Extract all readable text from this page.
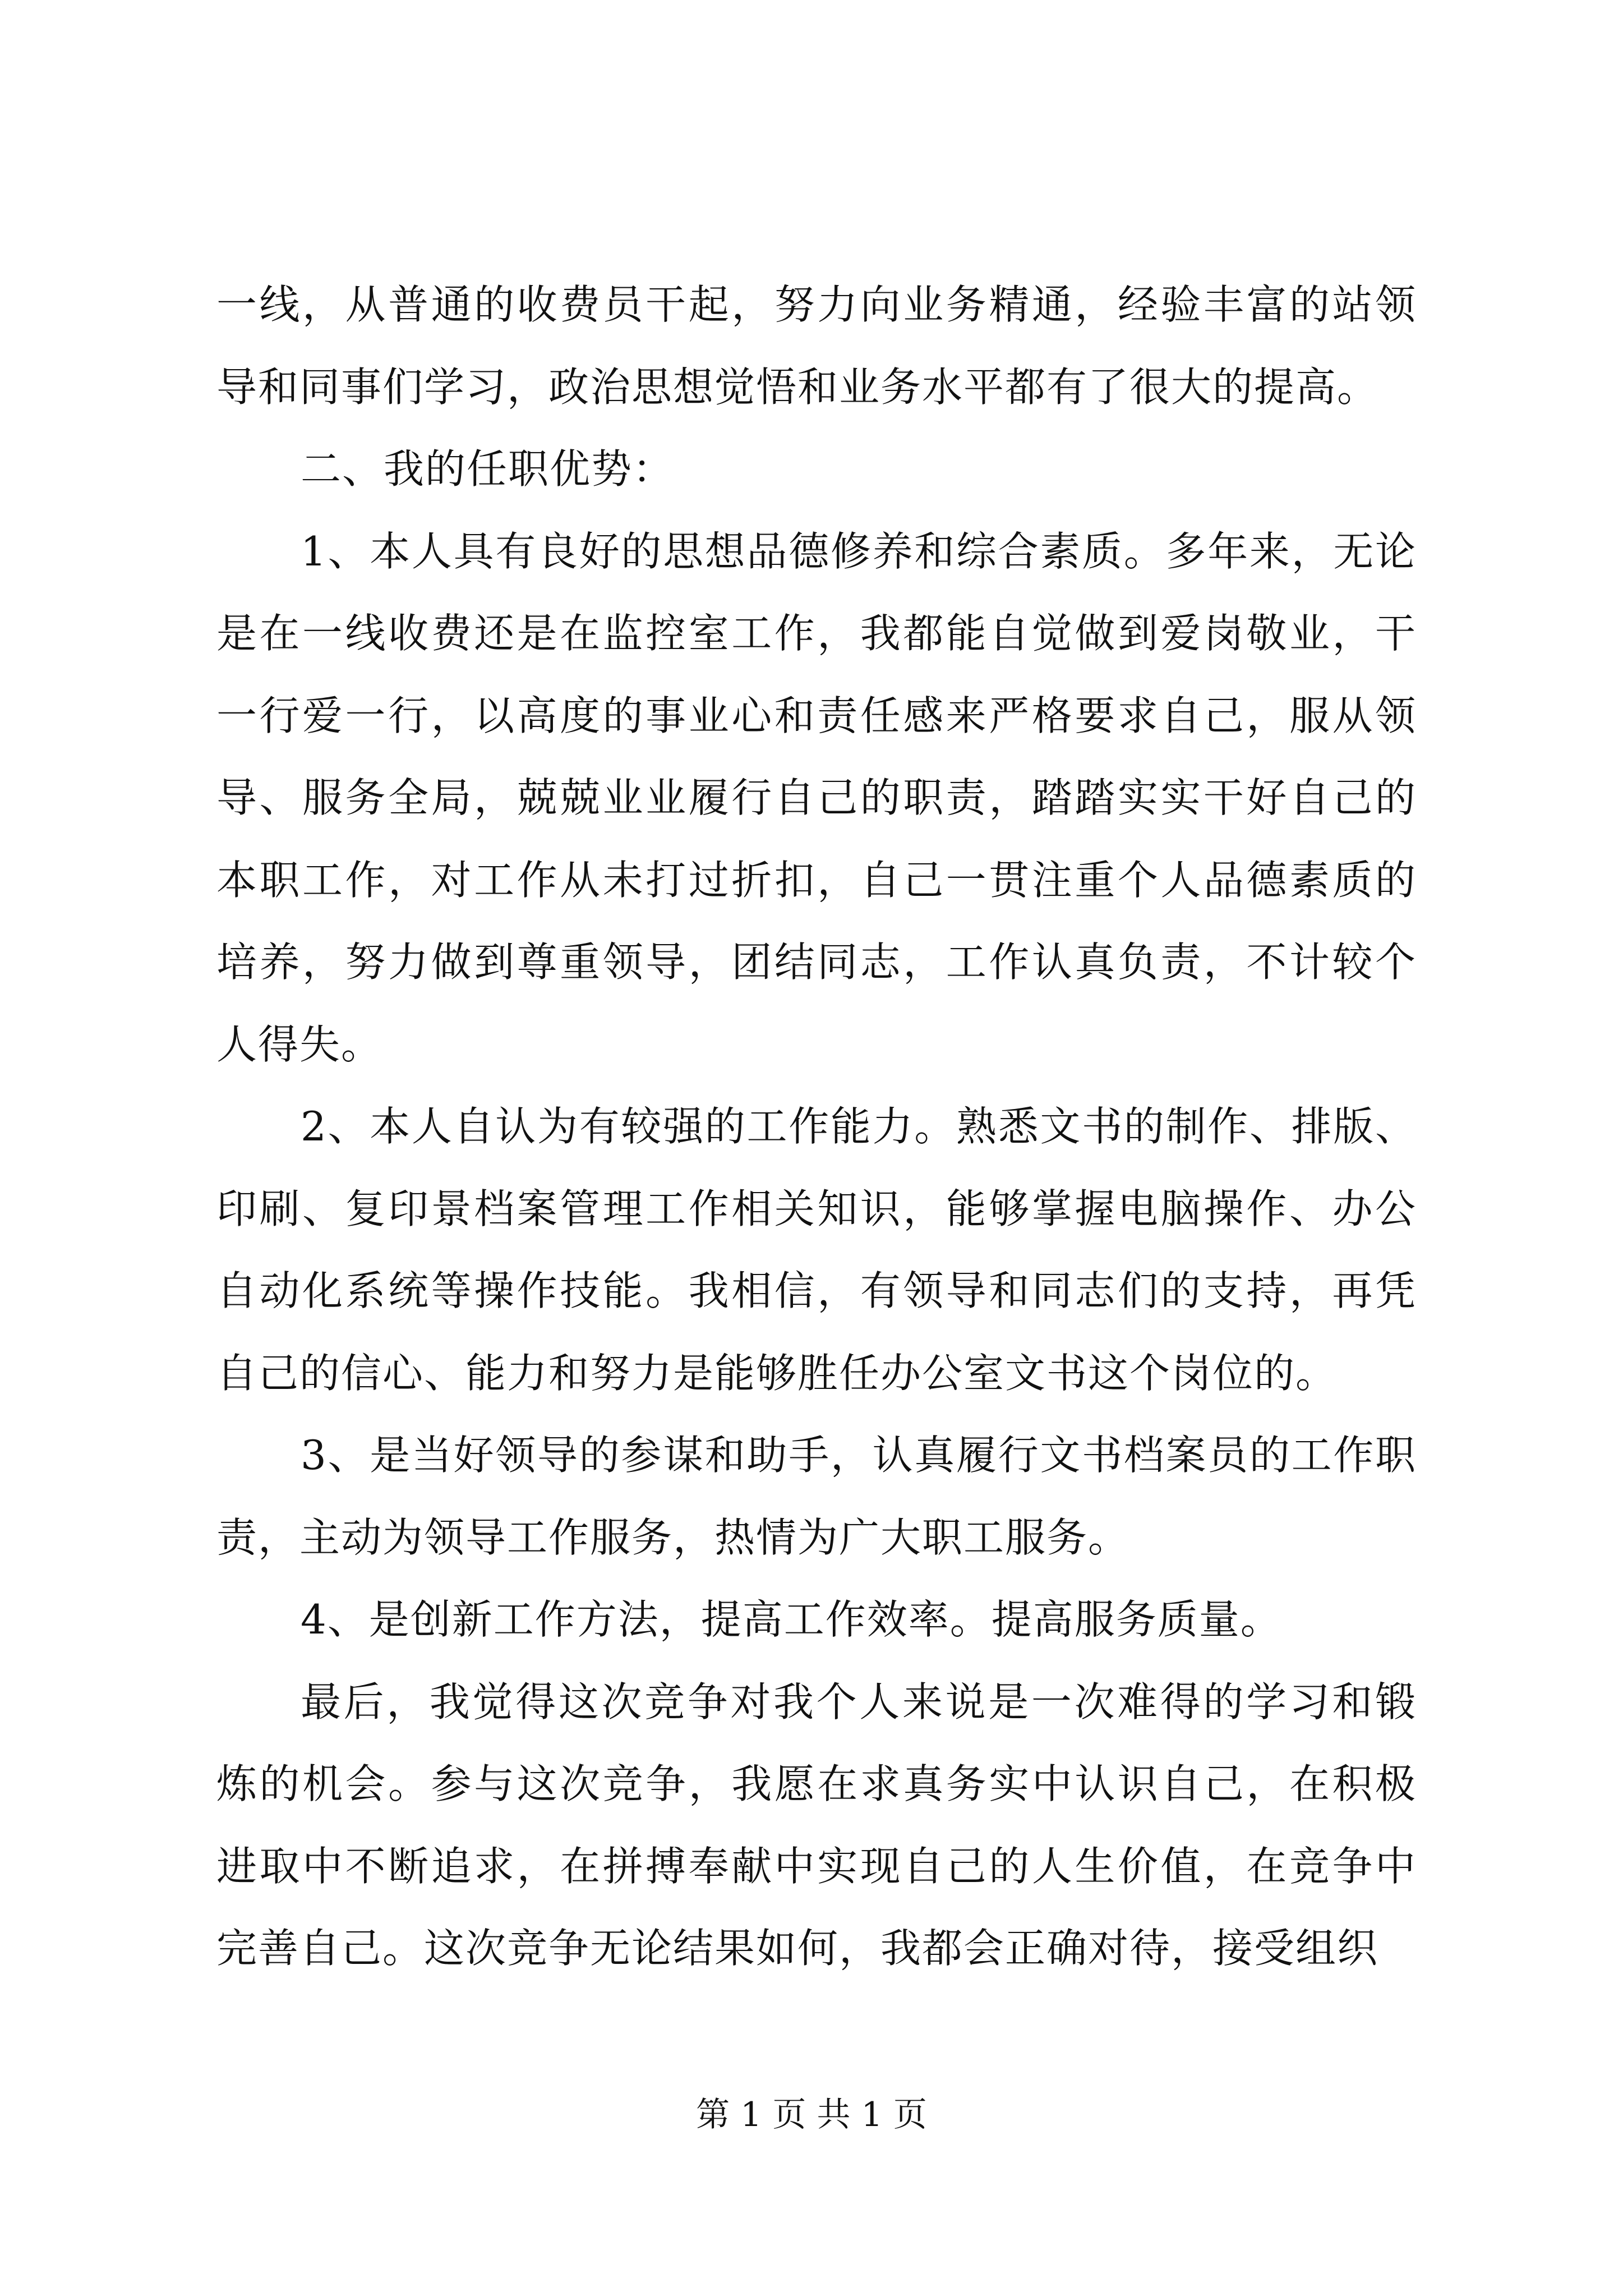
一线，从普通的收费员干起，努力向业务精通，经验丰富的站领导和同事们学习，政治思想觉悟和业务水平都有了很大的提高。

二、我的任职优势：

1、本人具有良好的思想品德修养和综合素质。多年来，无论是在一线收费还是在监控室工作，我都能自觉做到爱岗敬业，干一行爱一行，以高度的事业心和责任感来严格要求自己，服从领导、服务全局，兢兢业业履行自己的职责，踏踏实实干好自己的本职工作，对工作从未打过折扣，自己一贯注重个人品德素质的培养，努力做到尊重领导，团结同志，工作认真负责，不计较个人得失。

2、本人自认为有较强的工作能力。熟悉文书的制作、排版、印刷、复印景档案管理工作相关知识，能够掌握电脑操作、办公自动化系统等操作技能。我相信，有领导和同志们的支持，再凭自己的信心、能力和努力是能够胜任办公室文书这个岗位的。

3、是当好领导的参谋和助手，认真履行文书档案员的工作职责，主动为领导工作服务，热情为广大职工服务。

4、是创新工作方法，提高工作效率。提高服务质量。

最后，我觉得这次竞争对我个人来说是一次难得的学习和锻炼的机会。参与这次竞争，我愿在求真务实中认识自己，在积极进取中不断追求，在拼搏奉献中实现自己的人生价值，在竞争中完善自己。这次竞争无论结果如何，我都会正确对待，接受组织

第 1 页 共 1 页
